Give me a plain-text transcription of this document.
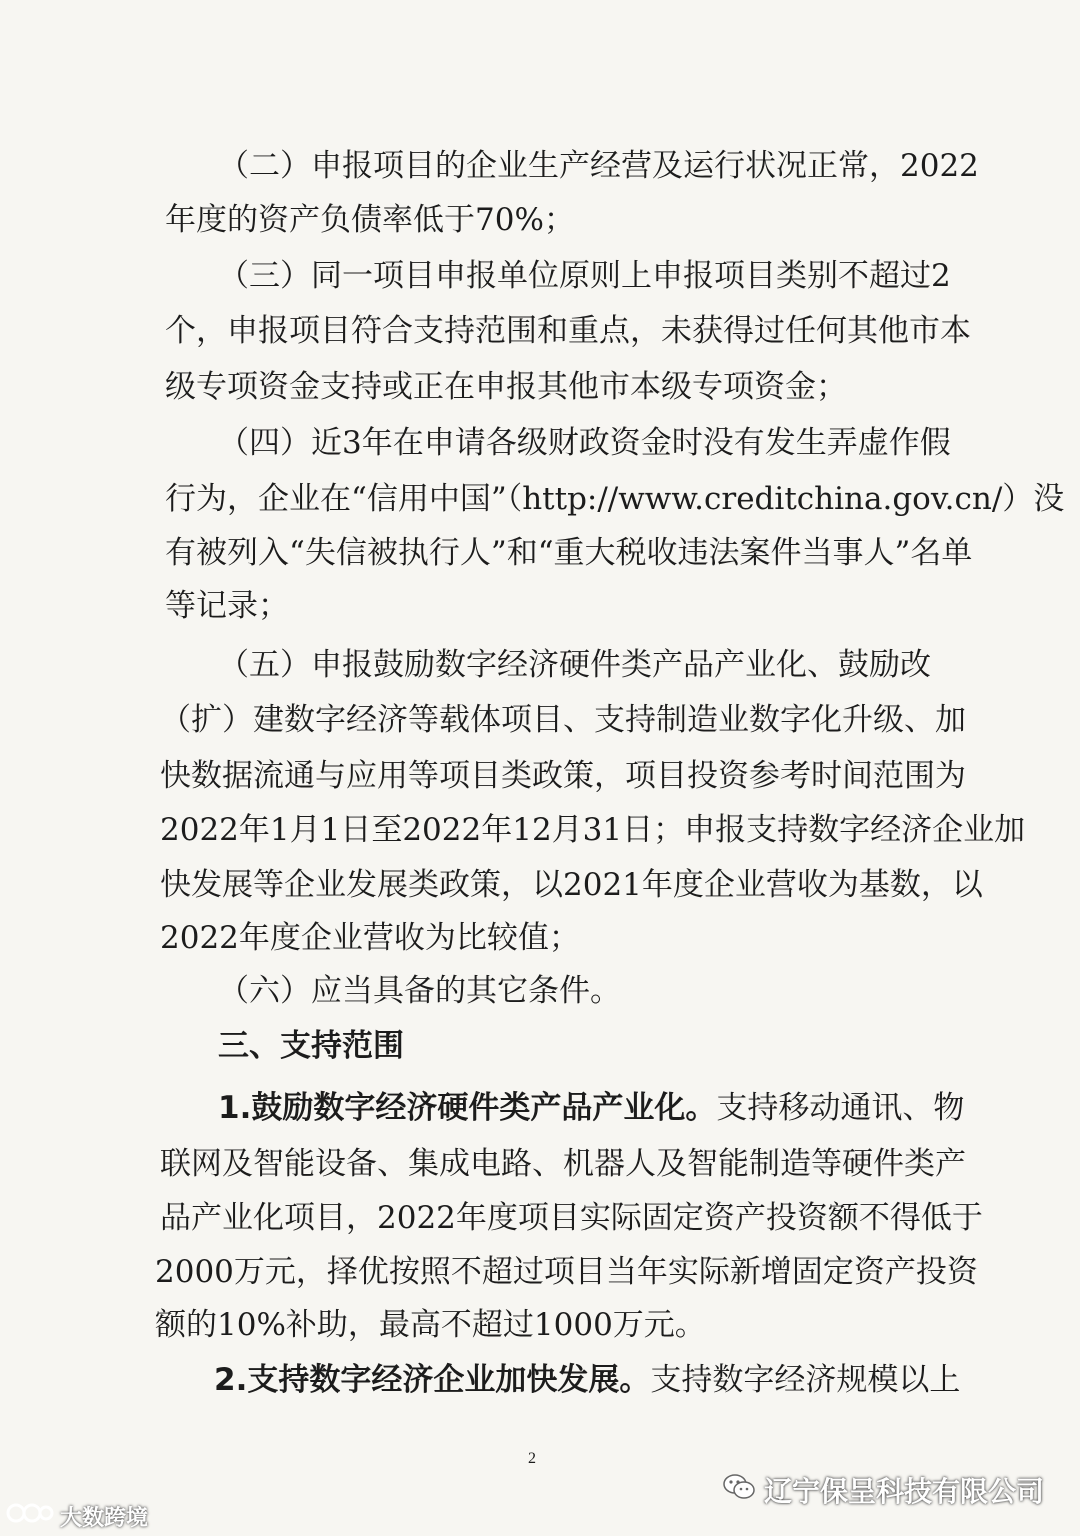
（二）申报项目的企业生产经营及运行状况正常，2022
年度的资产负债率低于70%；
（三）同一项目申报单位原则上申报项目类别不超过2
个，申报项目符合支持范围和重点，未获得过任何其他市本
级专项资金支持或正在申报其他市本级专项资金；
（四）近3年在申请各级财政资金时没有发生弄虚作假
行为，企业在“信用中国”（http://www.creditchina.gov.cn/）没
有被列入“失信被执行人”和“重大税收违法案件当事人”名单
等记录；
（五）申报鼓励数字经济硬件类产品产业化、鼓励改
（扩）建数字经济等载体项目、支持制造业数字化升级、加
快数据流通与应用等项目类政策，项目投资参考时间范围为
2022年1月1日至2022年12月31日；申报支持数字经济企业加
快发展等企业发展类政策，以2021年度企业营收为基数，以
2022年度企业营收为比较值；
（六）应当具备的其它条件。
三、支持范围
1.鼓励数字经济硬件类产品产业化。支持移动通讯、物
联网及智能设备、集成电路、机器人及智能制造等硬件类产
品产业化项目，2022年度项目实际固定资产投资额不得低于
2000万元，择优按照不超过项目当年实际新增固定资产投资
额的10%补助，最高不超过1000万元。
2.支持数字经济企业加快发展。支持数字经济规模以上
2
辽宁保呈科技有限公司
大数跨境
